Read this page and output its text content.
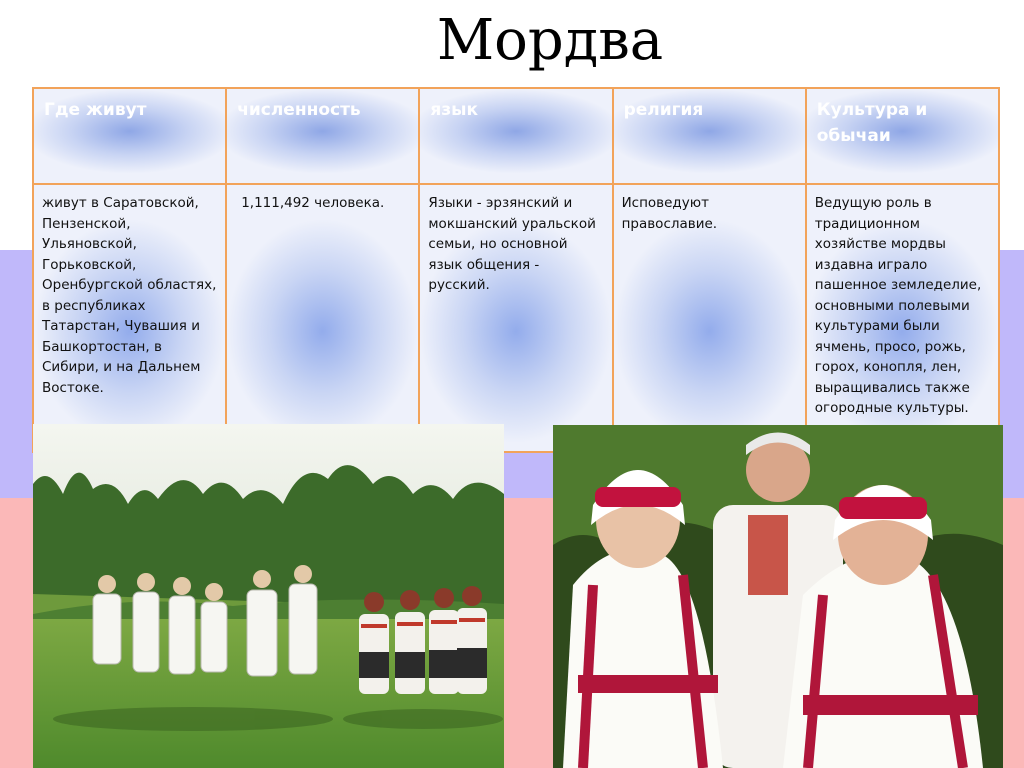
Мордва
Где живут	численность	язык	религия	Культура и обычаи
живут в Саратовской, Пензенской, Ульяновской, Горьковской, Оренбургской областях, в республиках Татарстан, Чувашия и Башкортостан, в Сибири, и на Дальнем Востоке.	1,111,492 человека.	Языки - эрзянский и мокшанский уральской семьи, но основной язык общения - русский.	Исповедуют православие.	Ведущую роль в традиционном хозяйстве мордвы издавна играло пашенное земледелие, основными полевыми культурами были ячмень, просо, рожь, горох, конопля, лен, выращивались также огородные культуры.
